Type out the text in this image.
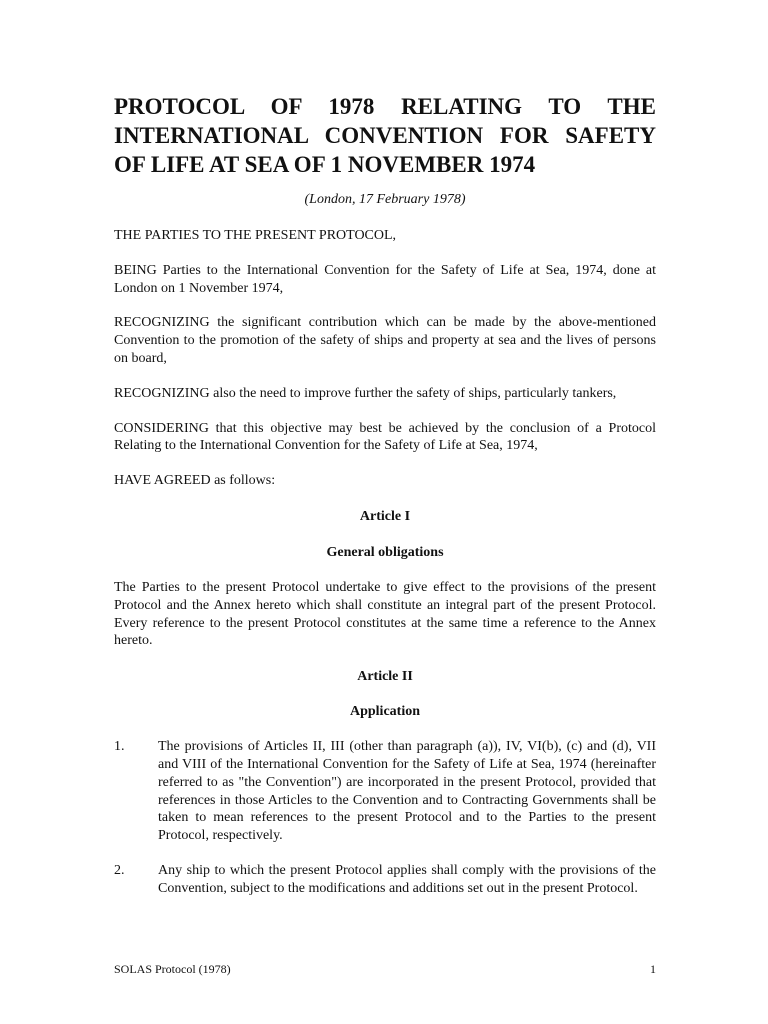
PROTOCOL OF 1978 RELATING TO THE INTERNATIONAL CONVENTION FOR SAFETY OF LIFE AT SEA OF 1 NOVEMBER 1974
(London, 17 February 1978)

THE PARTIES TO THE PRESENT PROTOCOL,

BEING Parties to the International Convention for the Safety of Life at Sea, 1974, done at London on 1 November 1974,

RECOGNIZING the significant contribution which can be made by the above-mentioned Convention to the promotion of the safety of ships and property at sea and the lives of persons on board,

RECOGNIZING also the need to improve further the safety of ships, particularly tankers,

CONSIDERING that this objective may best be achieved by the conclusion of a Protocol Relating to the International Convention for the Safety of Life at Sea, 1974,

HAVE AGREED as follows:

Article I
General obligations

The Parties to the present Protocol undertake to give effect to the provisions of the present Protocol and the Annex hereto which shall constitute an integral part of the present Protocol. Every reference to the present Protocol constitutes at the same time a reference to the Annex hereto.

Article II
Application
1.	The provisions of Articles II, III (other than paragraph (a)), IV, VI(b), (c) and (d), VII and VIII of the International Convention for the Safety of Life at Sea, 1974 (hereinafter referred to as "the Convention") are incorporated in the present Protocol, provided that references in those Articles to the Convention and to Contracting Governments shall be taken to mean references to the present Protocol and to the Parties to the present Protocol, respectively.
2.	Any ship to which the present Protocol applies shall comply with the provisions of the Convention, subject to the modifications and additions set out in the present Protocol.
SOLAS Protocol (1978)	1
